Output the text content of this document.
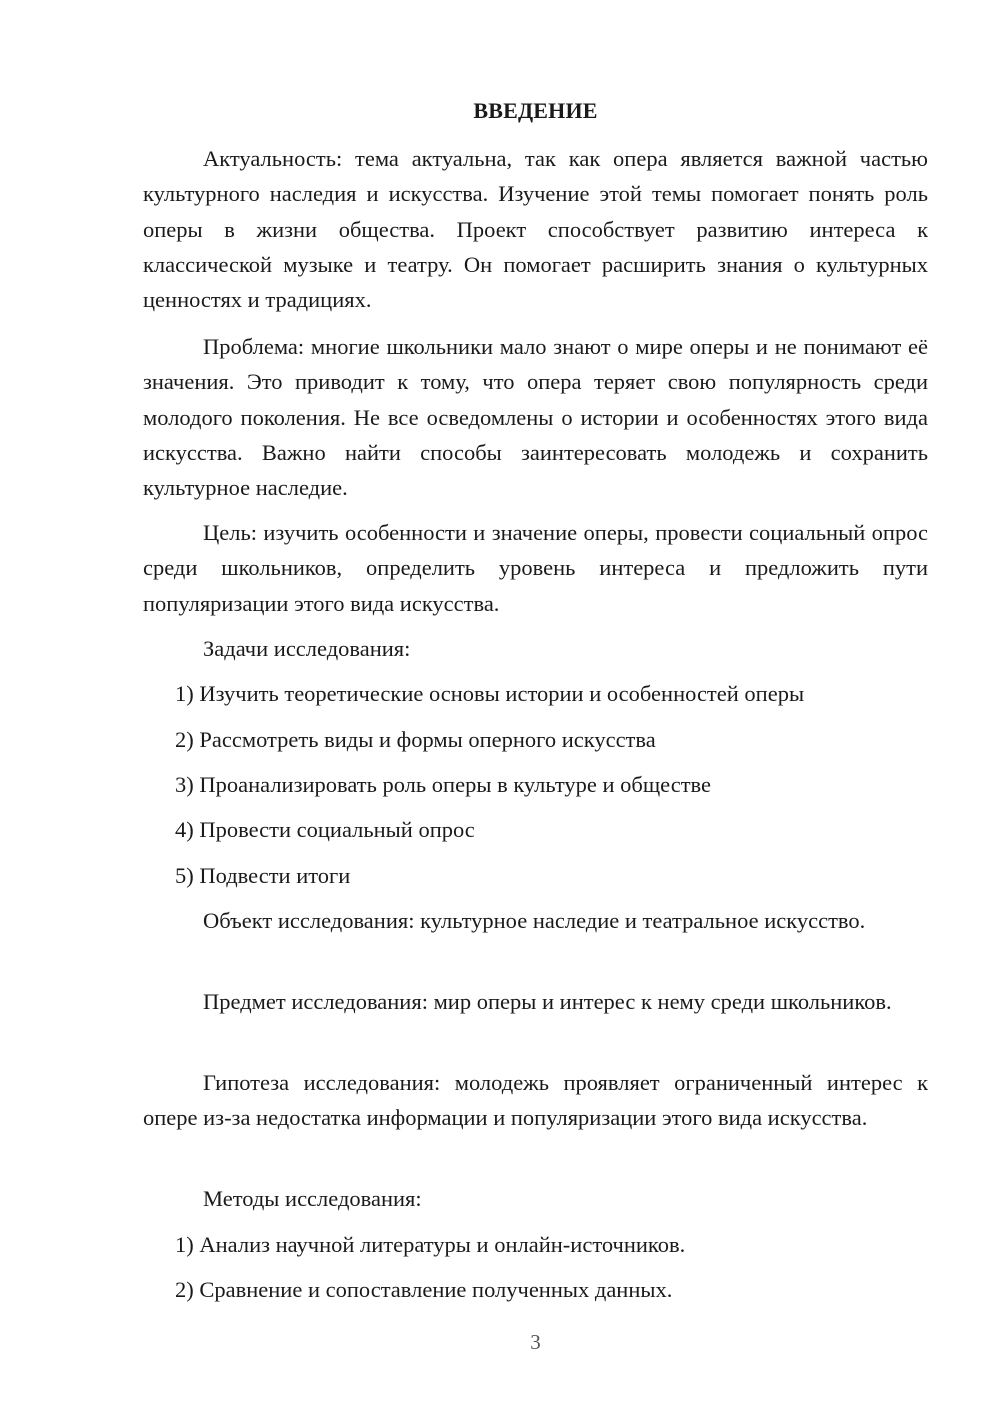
ВВЕДЕНИЕ

Актуальность: тема актуальна, так как опера является важной частью культурного наследия и искусства. Изучение этой темы помогает понять роль оперы в жизни общества. Проект способствует развитию интереса к классической музыке и театру. Он помогает расширить знания о культурных ценностях и традициях.

Проблема: многие школьники мало знают о мире оперы и не понимают её значения. Это приводит к тому, что опера теряет свою популярность среди молодого поколения. Не все осведомлены о истории и особенностях этого вида искусства. Важно найти способы заинтересовать молодежь и сохранить культурное наследие.

Цель: изучить особенности и значение оперы, провести социальный опрос среди школьников, определить уровень интереса и предложить пути популяризации этого вида искусства.

Задачи исследования:

1) Изучить теоретические основы истории и особенностей оперы

2) Рассмотреть виды и формы оперного искусства

3) Проанализировать роль оперы в культуре и обществе

4) Провести социальный опрос

5) Подвести итоги

Объект исследования: культурное наследие и театральное искусство.

Предмет исследования: мир оперы и интерес к нему среди школьников.

Гипотеза исследования: молодежь проявляет ограниченный интерес к опере из-за недостатка информации и популяризации этого вида искусства.

Методы исследования:

1) Анализ научной литературы и онлайн-источников.

2) Сравнение и сопоставление полученных данных.

3
